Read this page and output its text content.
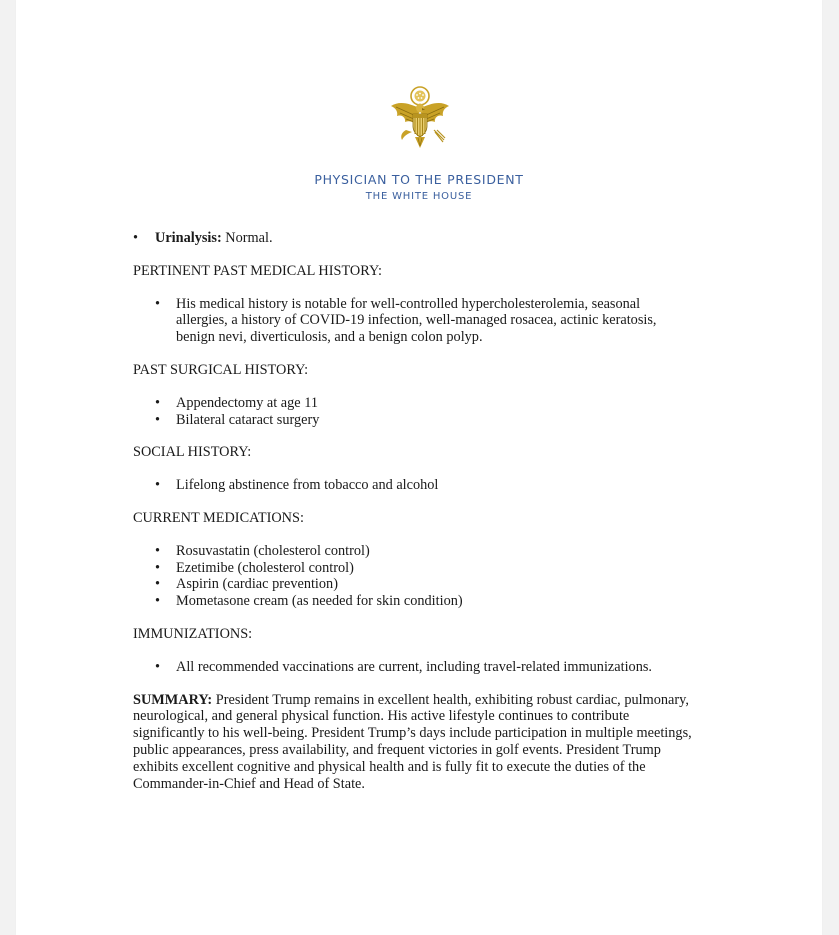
PHYSICIAN TO THE PRESIDENT
THE WHITE HOUSE
• Urinalysis: Normal.

PERTINENT PAST MEDICAL HISTORY:

• His medical history is notable for well-controlled hypercholesterolemia, seasonal allergies, a history of COVID-19 infection, well-managed rosacea, actinic keratosis, benign nevi, diverticulosis, and a benign colon polyp.

PAST SURGICAL HISTORY:

• Appendectomy at age 11
• Bilateral cataract surgery

SOCIAL HISTORY:

• Lifelong abstinence from tobacco and alcohol

CURRENT MEDICATIONS:

• Rosuvastatin (cholesterol control)
• Ezetimibe (cholesterol control)
• Aspirin (cardiac prevention)
• Mometasone cream (as needed for skin condition)

IMMUNIZATIONS:

• All recommended vaccinations are current, including travel-related immunizations.

SUMMARY: President Trump remains in excellent health, exhibiting robust cardiac, pulmonary, neurological, and general physical function. His active lifestyle continues to contribute significantly to his well-being. President Trump’s days include participation in multiple meetings, public appearances, press availability, and frequent victories in golf events. President Trump exhibits excellent cognitive and physical health and is fully fit to execute the duties of the Commander-in-Chief and Head of State.
